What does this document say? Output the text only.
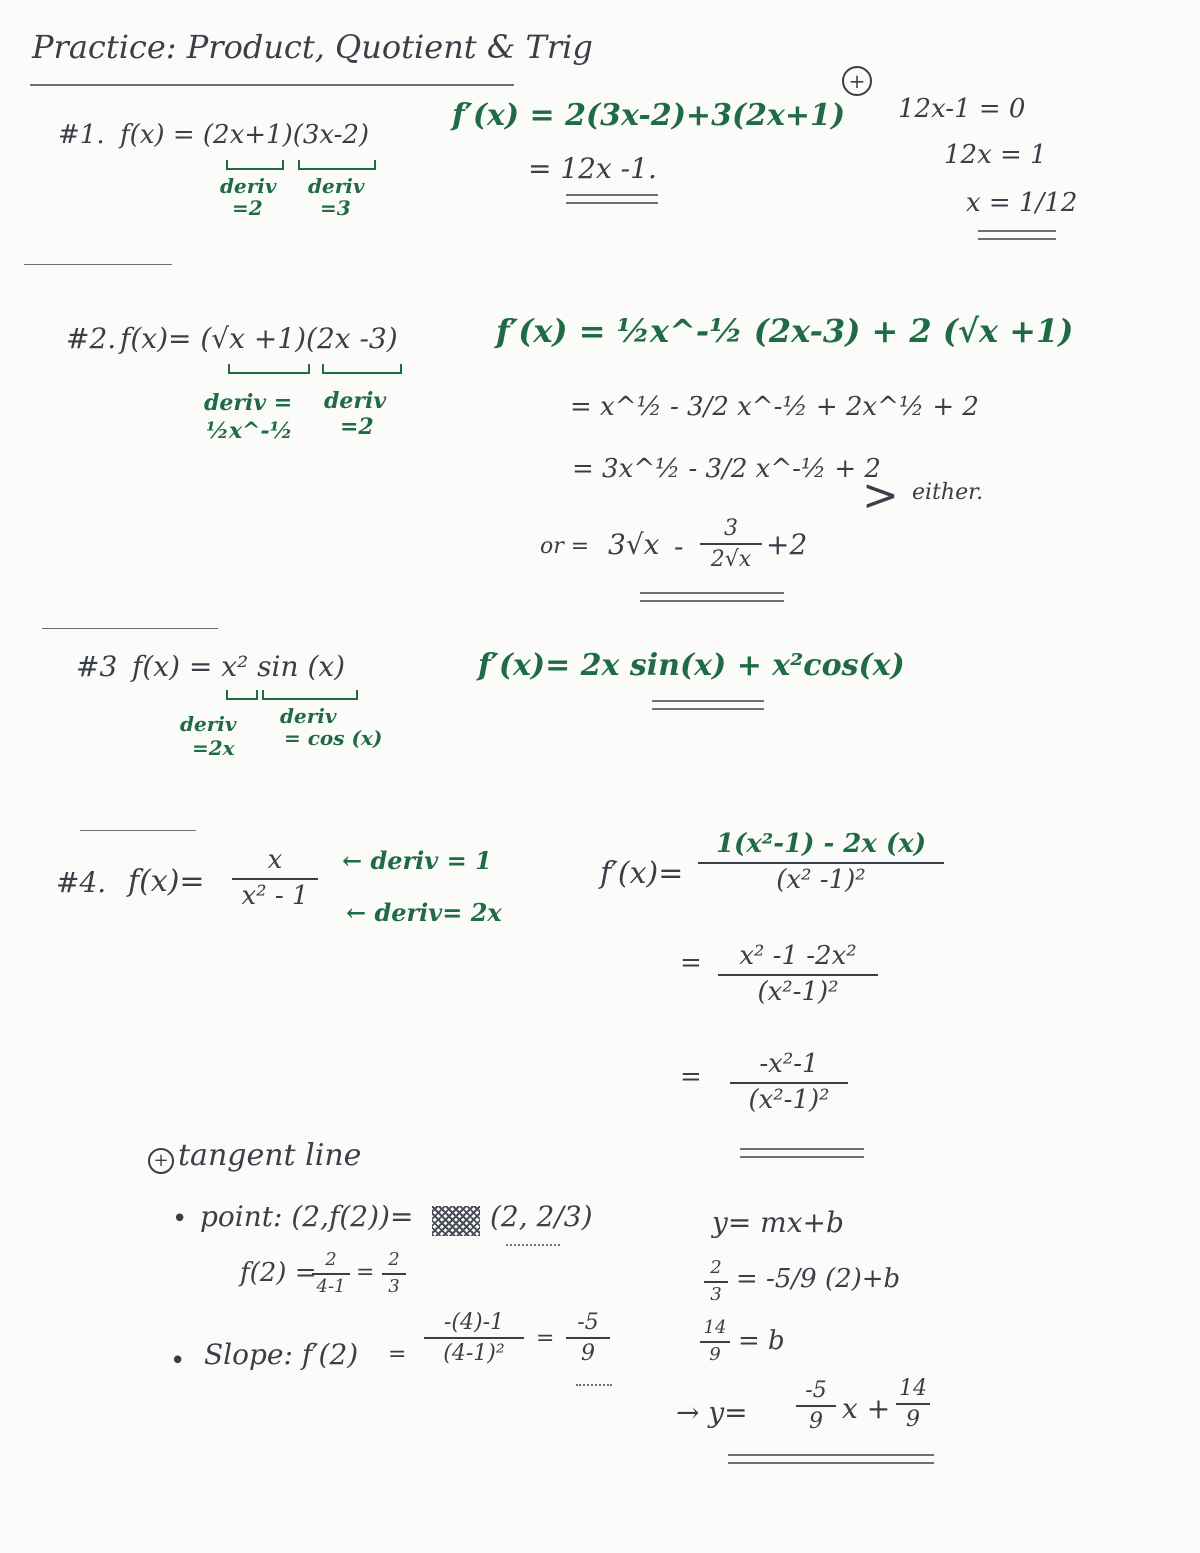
Practice: Product, Quotient & Trig
#1. f(x) = (2x+1)(3x-2)
deriv
=2
deriv
=3
f′(x) = 2(3x-2)+3(2x+1)
= 12x -1.
+
12x-1 = 0
12x = 1
x = 1/12
#2. f(x)= (√x +1)(2x -3)
deriv =
½x^-½
deriv
=2
f′(x) = ½x^-½ (2x-3) + 2 (√x +1)
= x^½ - 3/2 x^-½ + 2x^½ + 2
= 3x^½ - 3/2 x^-½ + 2
or = 3√x -
3
2√x +2
> either.
#3 f(x) = x² sin (x)
deriv
=2x
deriv
= cos (x)
f′(x)= 2x sin(x) + x²cos(x)
#4. f(x)=
x
x² - 1
← deriv = 1
← deriv= 2x
f′(x)=
1(x²-1) - 2x (x)
(x² -1)²
=	x² -1 -2x²
(x²-1)²
=	-x²-1
(x²-1)²
+ tangent line
• point: (2,f(2))=	(2, 2/3)
f(2) = 2
4-1
=
2
3
• Slope: f′(2) =
-(4)-1
(4-1)²
=
-5
9
y= mx+b
2
3
= -5/9 (2)+b
14
9 = b
→ y=
-5
9 x +
14
9
